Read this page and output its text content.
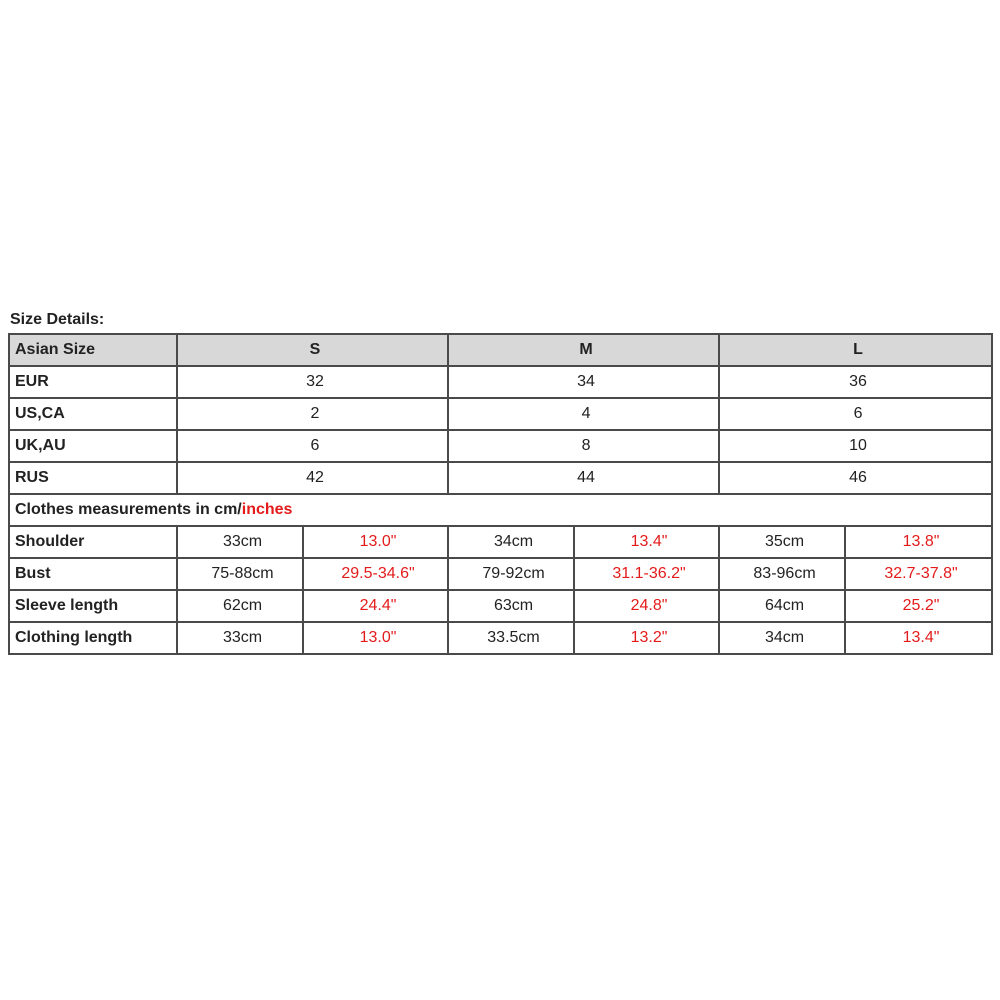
Size Details:
Asian Size	S		M		L	
EUR	32		34		36	
US,CA	2		4		6	
UK,AU	6		8		10	
RUS	42		44		46	
Clothes measurements in cm/inches						
Shoulder	33cm	13.0"	34cm	13.4"	35cm	13.8"
Bust	75-88cm	29.5-34.6"	79-92cm	31.1-36.2"	83-96cm	32.7-37.8"
Sleeve length	62cm	24.4"	63cm	24.8"	64cm	25.2"
Clothing length	33cm	13.0"	33.5cm	13.2"	34cm	13.4"
